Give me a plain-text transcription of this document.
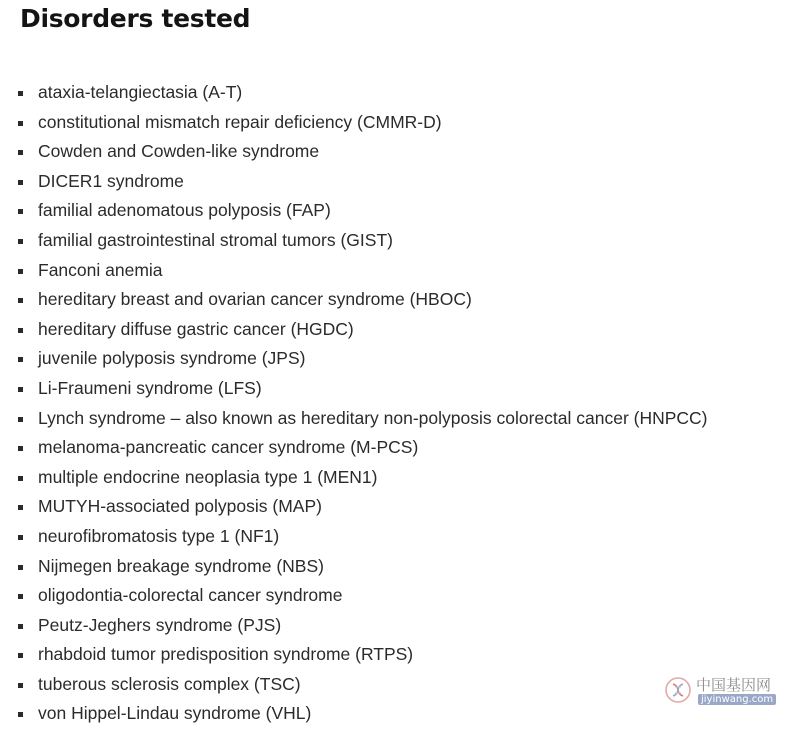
Disorders tested
ataxia-telangiectasia (A-T)
constitutional mismatch repair deficiency (CMMR-D)
Cowden and Cowden-like syndrome
DICER1 syndrome
familial adenomatous polyposis (FAP)
familial gastrointestinal stromal tumors (GIST)
Fanconi anemia
hereditary breast and ovarian cancer syndrome (HBOC)
hereditary diffuse gastric cancer (HGDC)
juvenile polyposis syndrome (JPS)
Li-Fraumeni syndrome (LFS)
Lynch syndrome – also known as hereditary non-polyposis colorectal cancer (HNPCC)
melanoma-pancreatic cancer syndrome (M-PCS)
multiple endocrine neoplasia type 1 (MEN1)
MUTYH-associated polyposis (MAP)
neurofibromatosis type 1 (NF1)
Nijmegen breakage syndrome (NBS)
oligodontia-colorectal cancer syndrome
Peutz-Jeghers syndrome (PJS)
rhabdoid tumor predisposition syndrome (RTPS)
tuberous sclerosis complex (TSC)
von Hippel-Lindau syndrome (VHL)
中国基因网
jiyinwang.com
